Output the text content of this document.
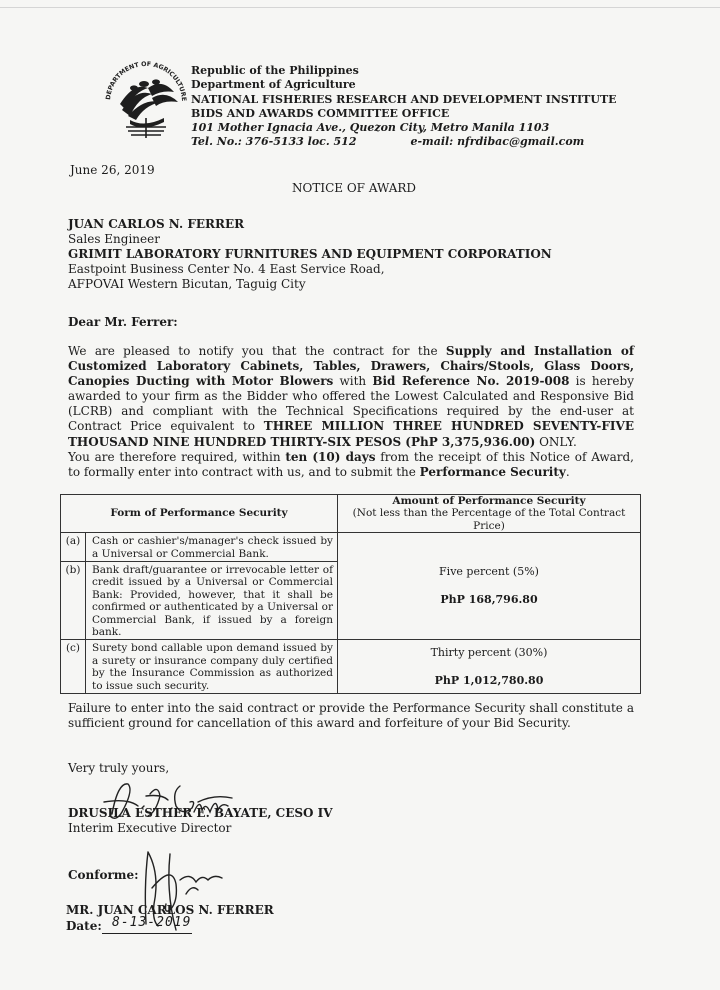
DEPARTMENT OF AGRICULTURE
Republic of the Philippines
Department of Agriculture
NATIONAL FISHERIES RESEARCH AND DEVELOPMENT INSTITUTE
BIDS AND AWARDS COMMITTEE OFFICE
101 Mother Ignacia Ave., Quezon City, Metro Manila 1103
Tel. No.: 376-5133 loc. 512	e-mail: nfrdibac@gmail.com
June 26, 2019
NOTICE OF AWARD
JUAN CARLOS N. FERRER
Sales Engineer
GRIMIT LABORATORY FURNITURES AND EQUIPMENT CORPORATION
Eastpoint Business Center No. 4 East Service Road,
AFPOVAI Western Bicutan, Taguig City
Dear Mr. Ferrer:
We are pleased to notify you that the contract for the Supply and Installation of Customized Laboratory Cabinets, Tables, Drawers, Chairs/Stools, Glass Doors, Canopies Ducting with Motor Blowers with Bid Reference No. 2019-008 is hereby awarded to your firm as the Bidder who offered the Lowest Calculated and Responsive Bid (LCRB) and compliant with the Technical Specifications required by the end-user at Contract Price equivalent to THREE MILLION THREE HUNDRED SEVENTY-FIVE THOUSAND NINE HUNDRED THIRTY-SIX PESOS (PhP 3,375,936.00) ONLY.
You are therefore required, within ten (10) days from the receipt of this Notice of Award, to formally enter into contract with us, and to submit the Performance Security.
Form of Performance Security		Amount of Performance Security
(Not less than the Percentage of the Total Contract Price)

(a)	Cash or cashier's/manager's check issued by a Universal or Commercial Bank.	Five percent (5%)
PhP 168,796.80

(b)	Bank draft/guarantee or irrevocable letter of credit issued by a Universal or Commercial Bank: Provided, however, that it shall be confirmed or authenticated by a Universal or Commercial Bank, if issued by a foreign bank.	
(c)	Surety bond callable upon demand issued by a surety or insurance company duly certified by the Insurance Commission as authorized to issue such security.	Thirty percent (30%)
PhP 1,012,780.80
Failure to enter into the said contract or provide the Performance Security shall constitute a sufficient ground for cancellation of this award and forfeiture of your Bid Security.
Very truly yours,
DRUSILA ESTHER E. BAYATE, CESO IV
Interim Executive Director
Conforme:
MR. JUAN CARLOS N. FERRER
Date: 8-13-2019
